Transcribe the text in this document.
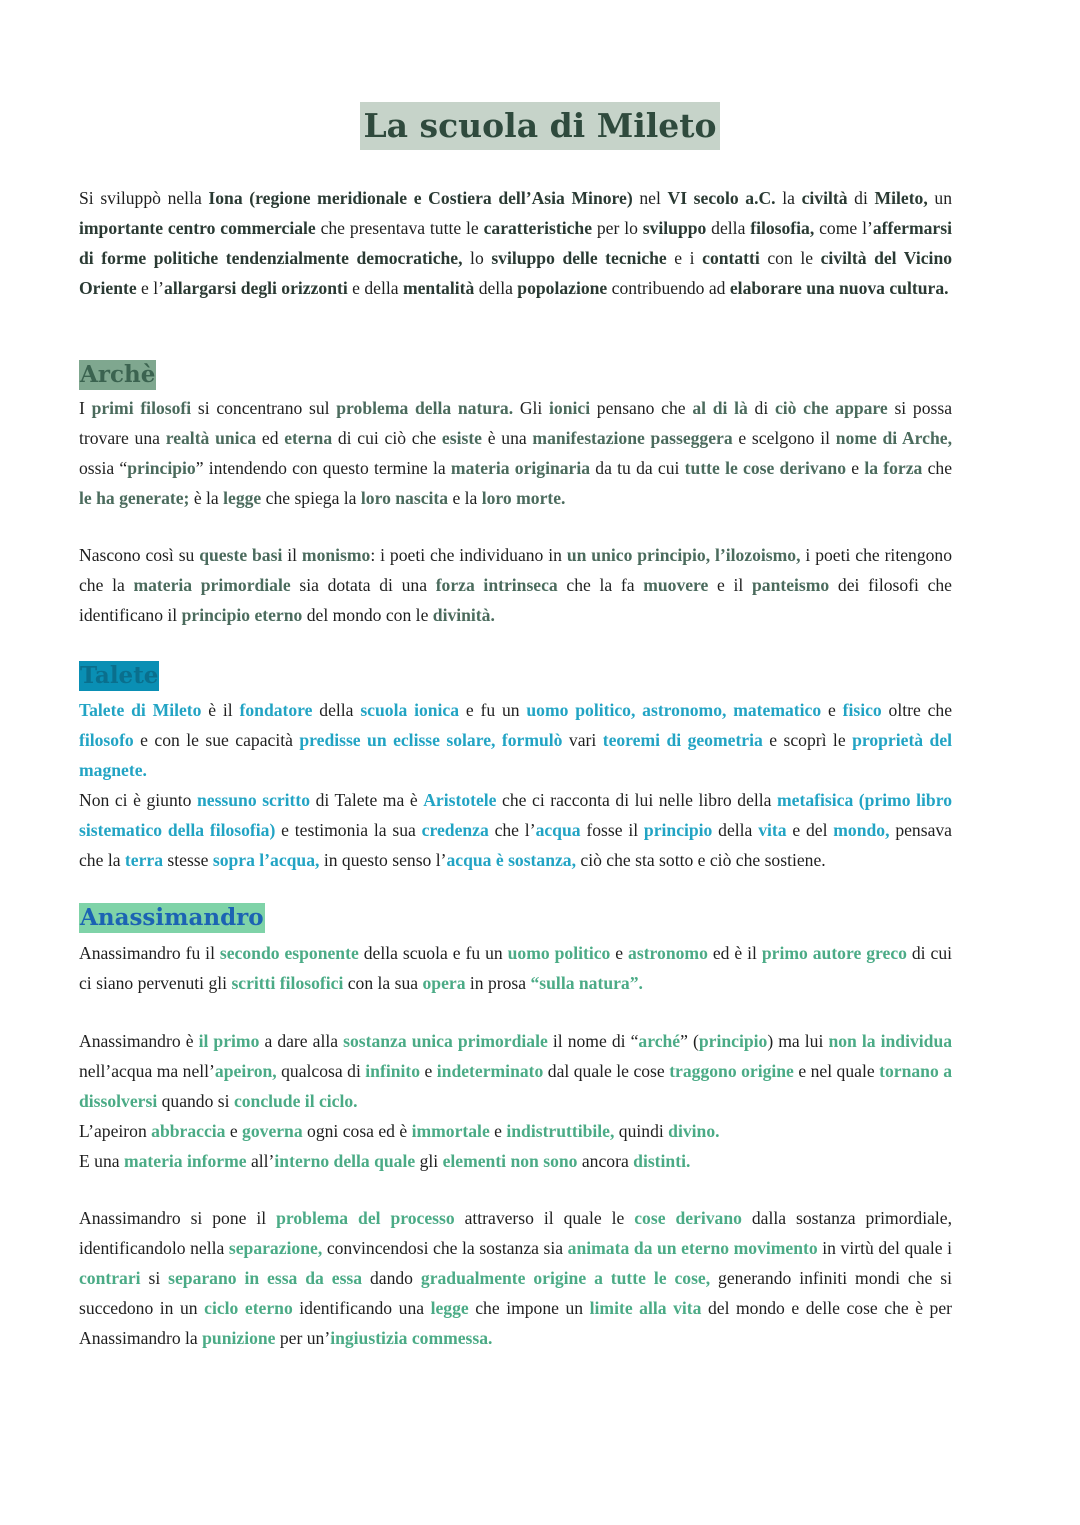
La scuola di Mileto

Si sviluppò nella Iona (regione meridionale e Costiera dell’Asia Minore) nel VI secolo a.C. la civiltà di Mileto, un importante centro commerciale che presentava tutte le caratteristiche per lo sviluppo della filosofia, come l’affermarsi di forme politiche tendenzialmente democratiche, lo sviluppo delle tecniche e i contatti con le civiltà del Vicino Oriente e l’allargarsi degli orizzonti e della mentalità della popolazione contribuendo ad elaborare una nuova cultura.

Archè

I primi filosofi si concentrano sul problema della natura. Gli ionici pensano che al di là di ciò che appare si possa trovare una realtà unica ed eterna di cui ciò che esiste è una manifestazione passeggera e scelgono il nome di Arche, ossia “principio” intendendo con questo termine la materia originaria da tu da cui tutte le cose derivano e la forza che le ha generate; è la legge che spiega la loro nascita e la loro morte.

Nascono così su queste basi il monismo: i poeti che individuano in un unico principio, l’ilozoismo, i poeti che ritengono che la materia primordiale sia dotata di una forza intrinseca che la fa muovere e il panteismo dei filosofi che identificano il principio eterno del mondo con le divinità.

Talete

Talete di Mileto è il fondatore della scuola ionica e fu un uomo politico, astronomo, matematico e fisico oltre che filosofo e con le sue capacità predisse un eclisse solare, formulò vari teoremi di geometria e scoprì le proprietà del magnete.

Non ci è giunto nessuno scritto di Talete ma è Aristotele che ci racconta di lui nelle libro della metafisica (primo libro sistematico della filosofia) e testimonia la sua credenza che l’acqua fosse il principio della vita e del mondo, pensava che la terra stesse sopra l’acqua, in questo senso l’acqua è sostanza, ciò che sta sotto e ciò che sostiene.

Anassimandro

Anassimandro fu il secondo esponente della scuola e fu un uomo politico e astronomo ed è il primo autore greco di cui ci siano pervenuti gli scritti filosofici con la sua opera in prosa “sulla natura”.

Anassimandro è il primo a dare alla sostanza unica primordiale il nome di “arché” (principio) ma lui non la individua nell’acqua ma nell’apeiron, qualcosa di infinito e indeterminato dal quale le cose traggono origine e nel quale tornano a dissolversi quando si conclude il ciclo.

L’apeiron abbraccia e governa ogni cosa ed è immortale e indistruttibile, quindi divino.

E una materia informe all’interno della quale gli elementi non sono ancora distinti.

Anassimandro si pone il problema del processo attraverso il quale le cose derivano dalla sostanza primordiale, identificandolo nella separazione, convincendosi che la sostanza sia animata da un eterno movimento in virtù del quale i contrari si separano in essa da essa dando gradualmente origine a tutte le cose, generando infiniti mondi che si succedono in un ciclo eterno identificando una legge che impone un limite alla vita del mondo e delle cose che è per Anassimandro la punizione per un’ingiustizia commessa.
